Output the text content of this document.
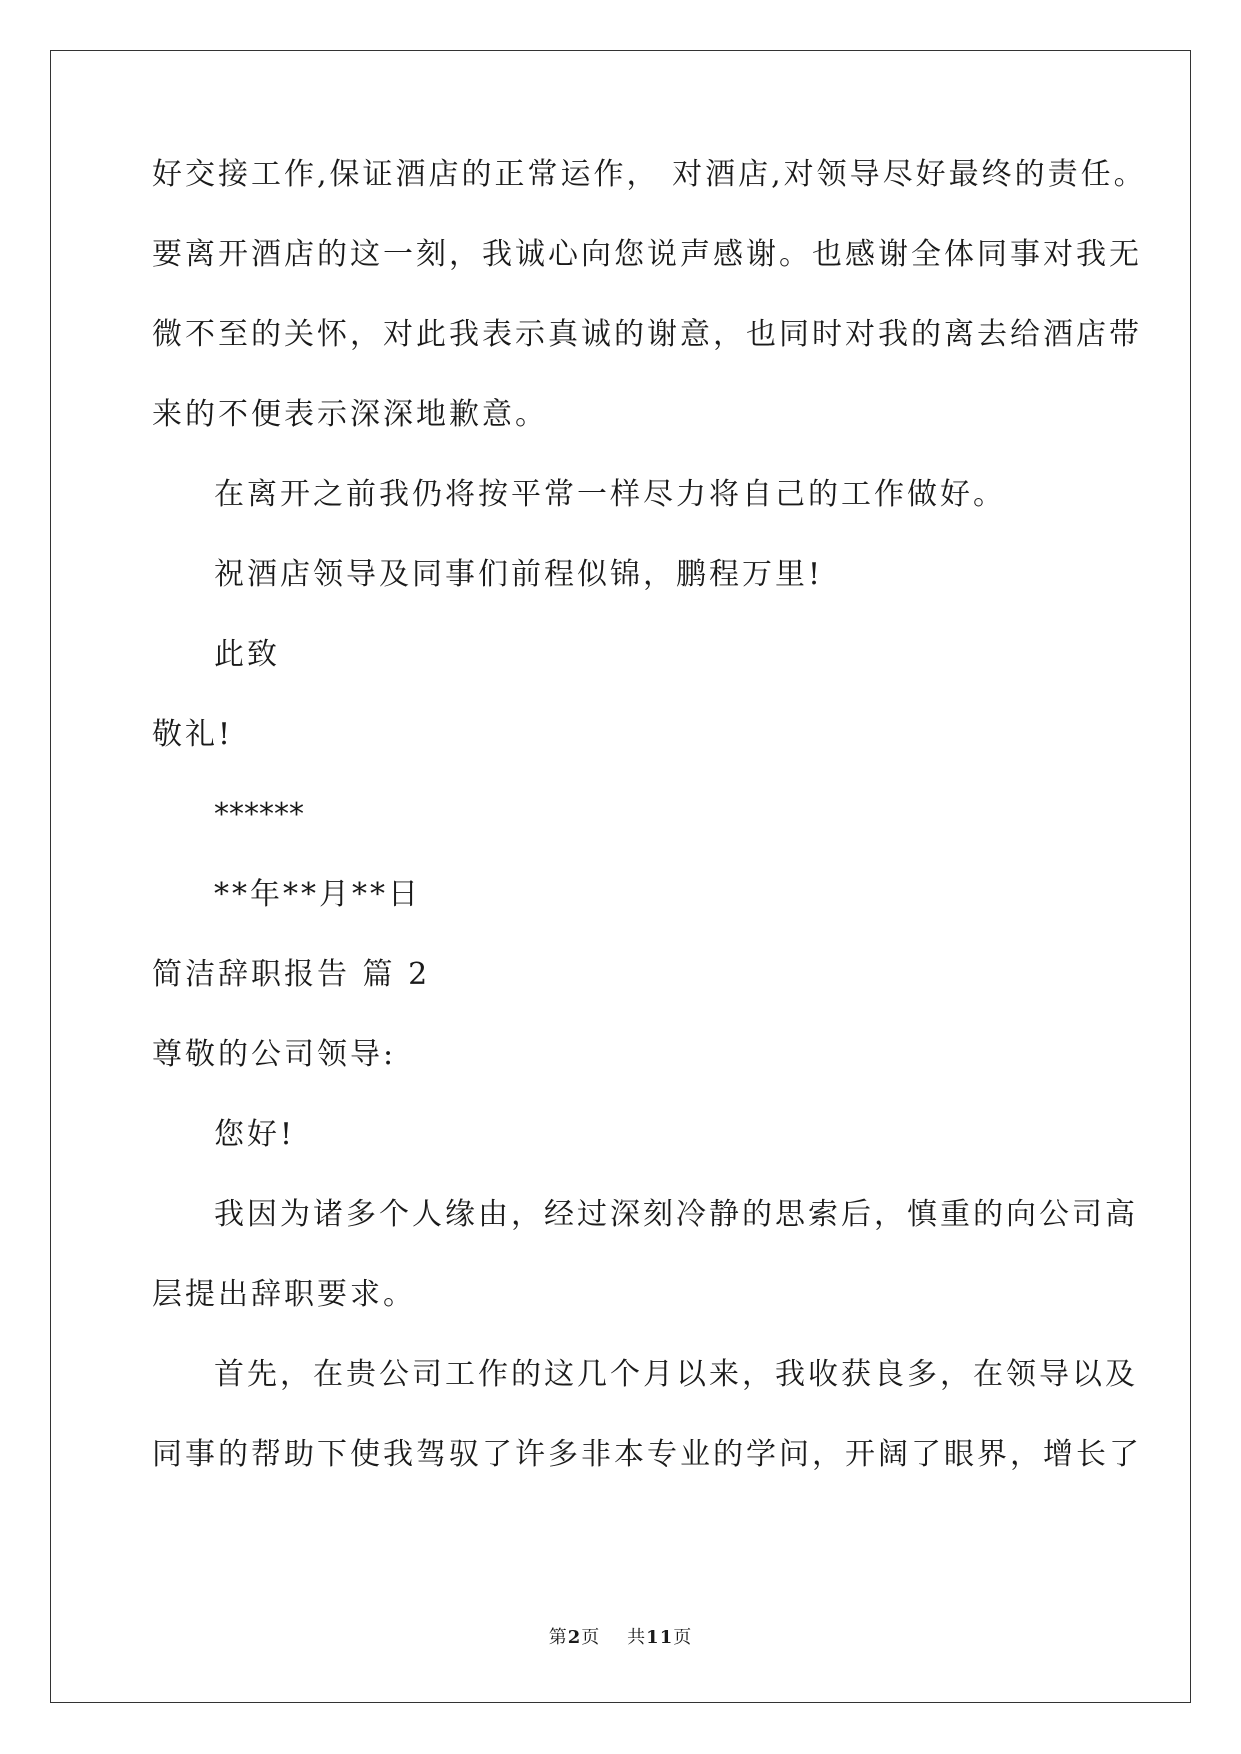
好交接工作,保证酒店的正常运作， 对酒店,对领导尽好最终的责任。
要离开酒店的这一刻，我诚心向您说声感谢。也感谢全体同事对我无
微不至的关怀，对此我表示真诚的谢意，也同时对我的离去给酒店带
来的不便表示深深地歉意。
在离开之前我仍将按平常一样尽力将自己的工作做好。
祝酒店领导及同事们前程似锦，鹏程万里!
此致
敬礼!
******
**年**月**日
简洁辞职报告 篇 2
尊敬的公司领导:
您好!
我因为诸多个人缘由，经过深刻冷静的思索后，慎重的向公司高
层提出辞职要求。
首先，在贵公司工作的这几个月以来，我收获良多，在领导以及
同事的帮助下使我驾驭了许多非本专业的学问，开阔了眼界，增长了
第2页 共11页
